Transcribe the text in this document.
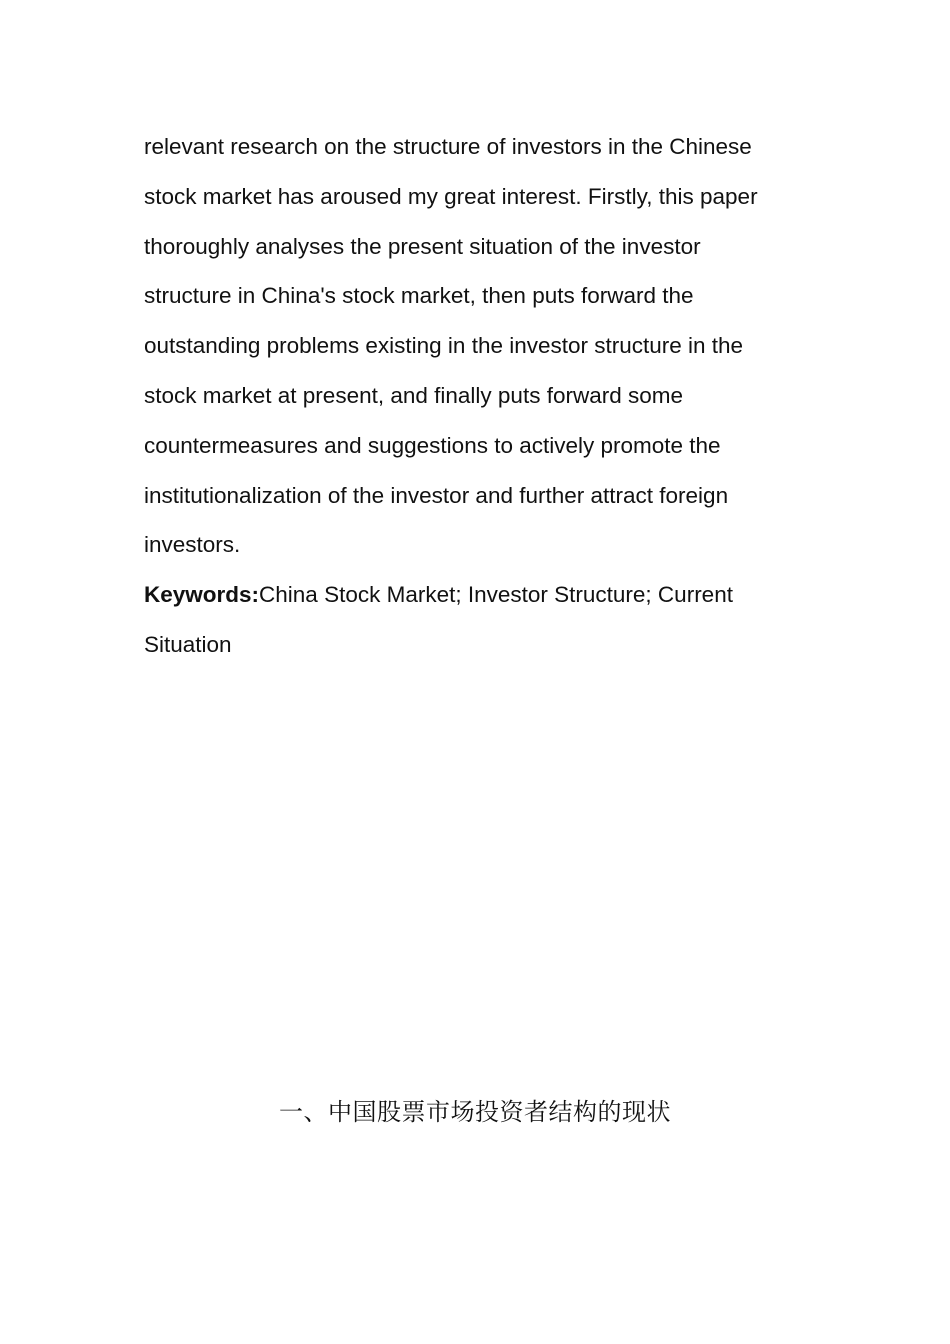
relevant research on the structure of investors in the Chinese
stock market has aroused my great interest. Firstly, this paper
thoroughly analyses the present situation of the investor
structure in China's stock market, then puts forward the
outstanding problems existing in the investor structure in the
stock market at present, and finally puts forward some
countermeasures and suggestions to actively promote the
institutionalization of the investor and further attract foreign
investors.
Keywords:China Stock Market; Investor Structure; Current
Situation
一、中国股票市场投资者结构的现状
